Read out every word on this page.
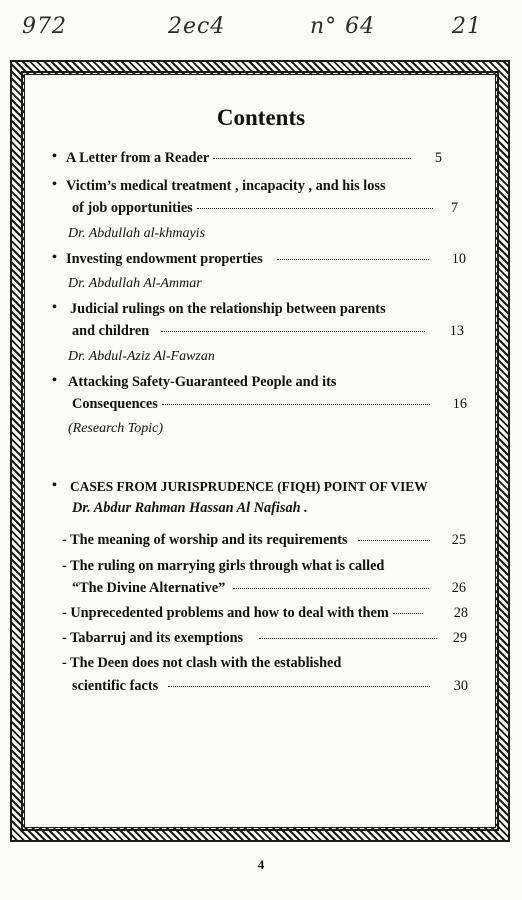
972	2ec4	n° 64	21
Contents
• A Letter from a Reader	5
• Victim’s medical treatment , incapacity , and his loss
of job opportunities	7
Dr. Abdullah al-khmayis
• Investing endowment properties	10
Dr. Abdullah Al-Ammar
• Judicial rulings on the relationship between parents
and children	13
Dr. Abdul-Aziz Al-Fawzan
• Attacking Safety-Guaranteed People and its
Consequences	16
(Research Topic)
• CASES FROM JURISPRUDENCE (FIQH) POINT OF VIEW
Dr. Abdur Rahman Hassan Al Nafisah .
- The meaning of worship and its requirements	25
- The ruling on marrying girls through what is called
“The Divine Alternative”	26
- Unprecedented problems and how to deal with them	28
- Tabarruj and its exemptions	29
- The Deen does not clash with the established
scientific facts	30
4
